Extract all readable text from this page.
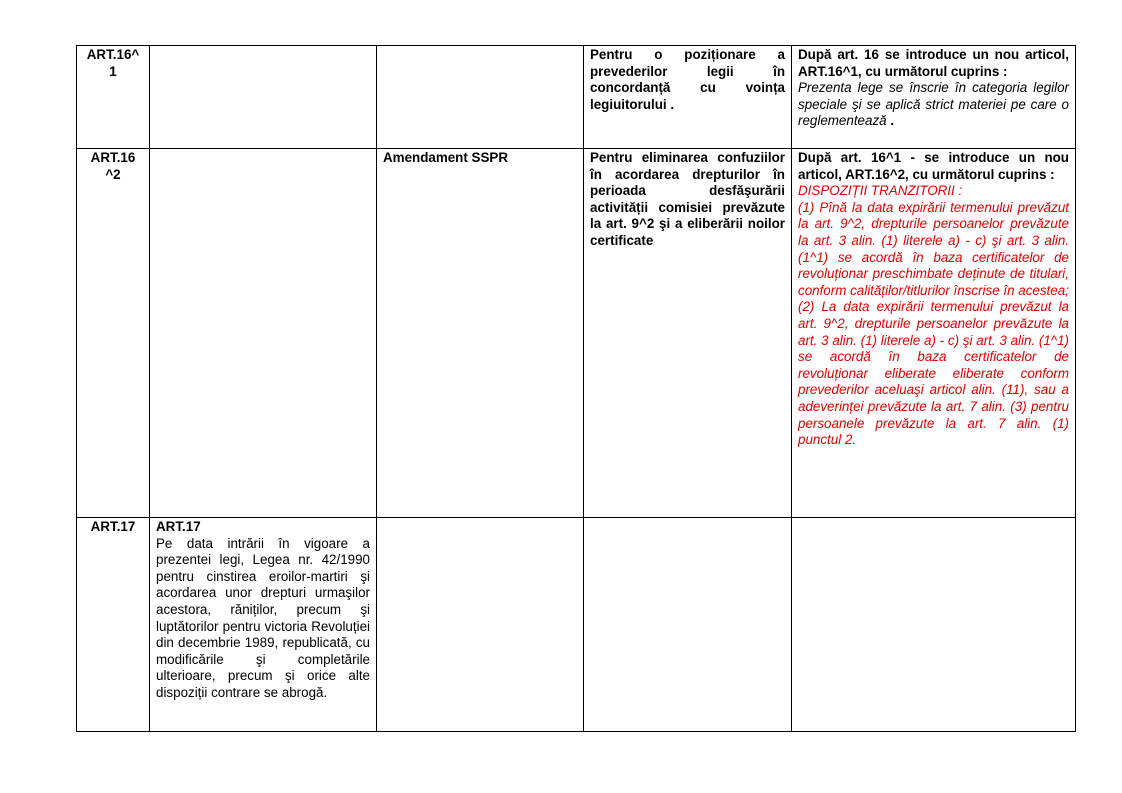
ART.16^ 1			Pentru o poziționare a prevederilor legii în concordanță cu voința legiuitorului .	După art. 16 se introduce un nou articol, ART.16^1, cu următorul cuprins :

Prezenta lege se înscrie în categoria legilor speciale şi se aplică strict materiei pe care o reglementează .

ART.16 ^2		Amendament SSPR	Pentru eliminarea confuziilor în acordarea drepturilor în perioada desfăşurării activității comisiei prevăzute la art. 9^2 şi a eliberării noilor certificate	După art. 16^1 - se introduce un nou articol, ART.16^2, cu următorul cuprins :

DISPOZIȚII TRANZITORII :

(1) Pînă la data expirării termenului prevăzut la art. 9^2, drepturile persoanelor prevăzute la art. 3 alin. (1) literele a) - c) şi art. 3 alin. (1^1) se acordă în baza certificatelor de revoluționar preschimbate deținute de titulari, conform calităților/titlurilor înscrise în acestea;

(2) La data expirării termenului prevăzut la art. 9^2, drepturile persoanelor prevăzute la art. 3 alin. (1) literele a) - c) şi art. 3 alin. (1^1) se acordă în baza certificatelor de revoluționar eliberate eliberate conform prevederilor aceluaşi articol alin. (11), sau a adeverinței prevăzute la art. 7 alin. (3) pentru persoanele prevăzute la art. 7 alin. (1) punctul 2.

ART.17	ART.17

Pe data intrării în vigoare a prezentei legi, Legea nr. 42/1990 pentru cinstirea eroilor-martiri şi acordarea unor drepturi urmaşilor acestora, răniților, precum şi luptătorilor pentru victoria Revoluției din decembrie 1989, republicată, cu modificările şi completările ulterioare, precum şi orice alte dispoziții contrare se abrogă.			
